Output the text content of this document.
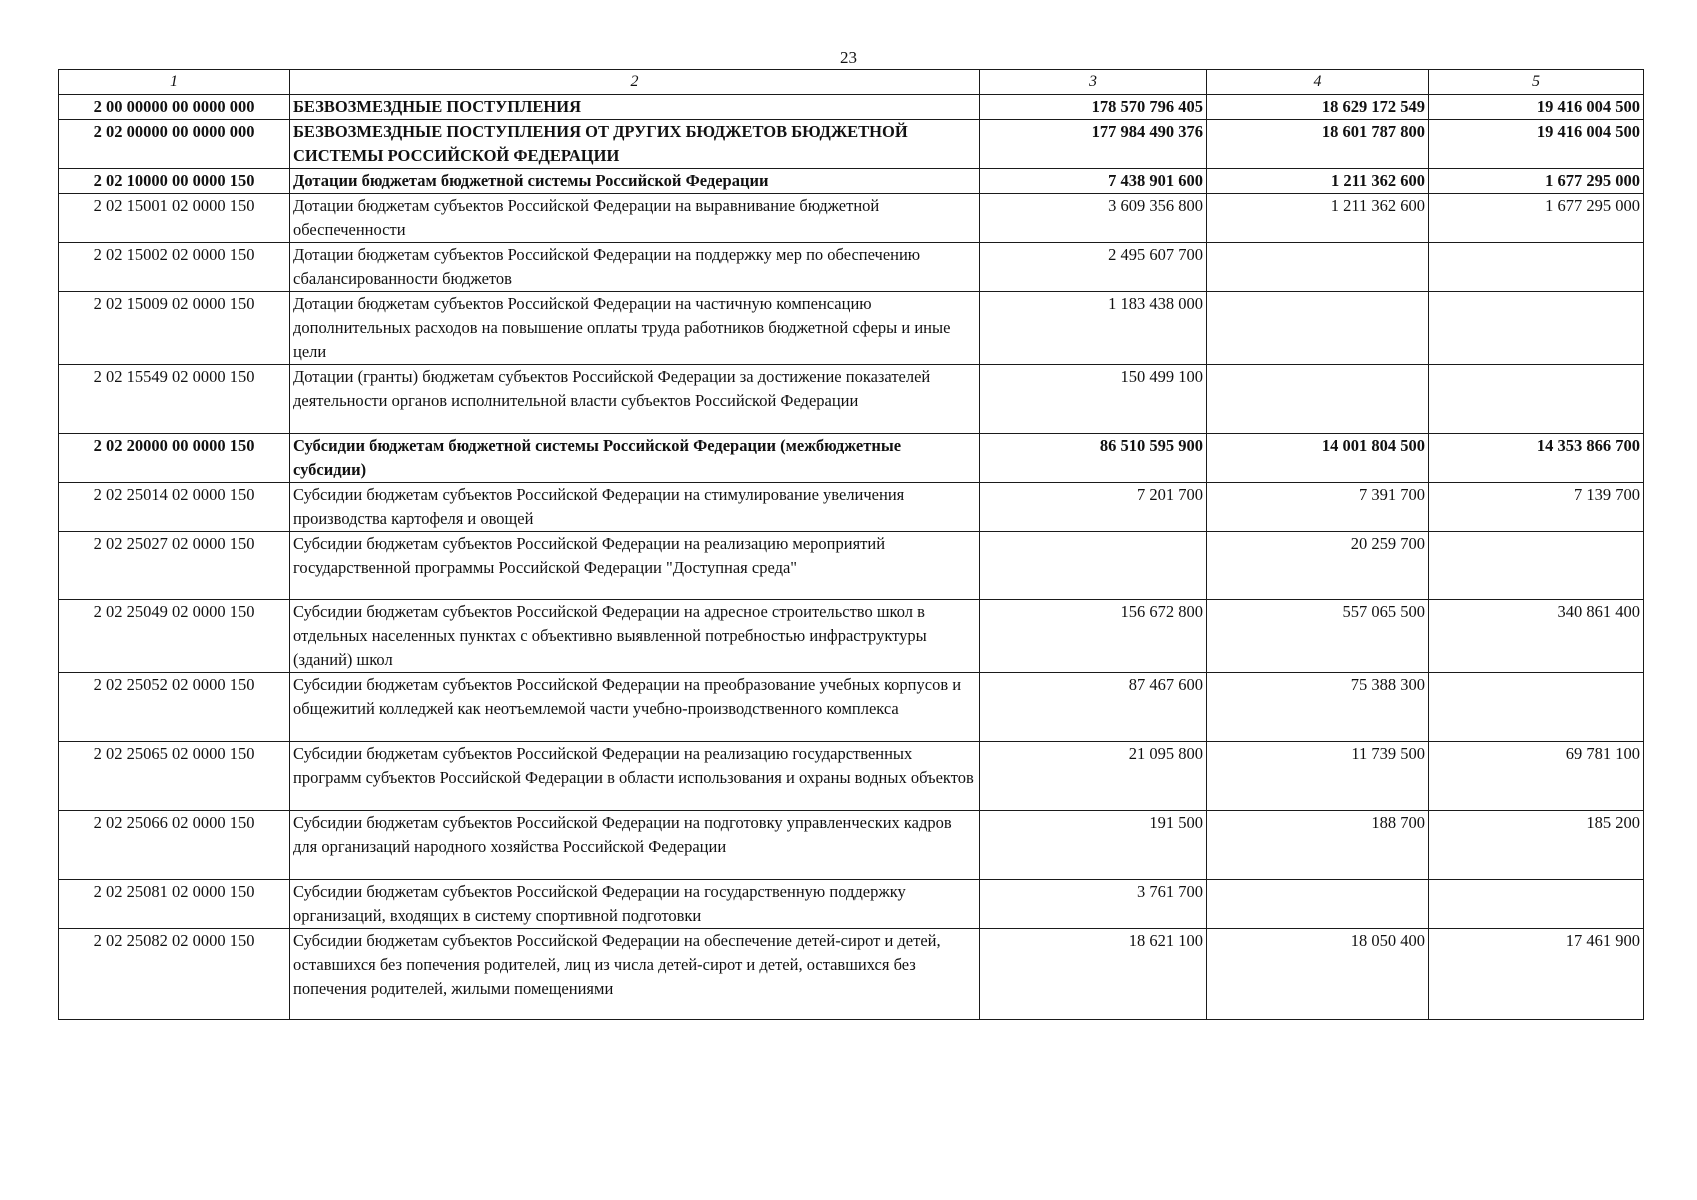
23
1	2	3	4	5
2 00 00000 00 0000 000	БЕЗВОЗМЕЗДНЫЕ ПОСТУПЛЕНИЯ	178 570 796 405	18 629 172 549	19 416 004 500
2 02 00000 00 0000 000	БЕЗВОЗМЕЗДНЫЕ ПОСТУПЛЕНИЯ ОТ ДРУГИХ БЮДЖЕТОВ БЮДЖЕТНОЙ СИСТЕМЫ РОССИЙСКОЙ ФЕДЕРАЦИИ	177 984 490 376	18 601 787 800	19 416 004 500
2 02 10000 00 0000 150	Дотации бюджетам бюджетной системы Российской Федерации	7 438 901 600	1 211 362 600	1 677 295 000
2 02 15001 02 0000 150	Дотации бюджетам субъектов Российской Федерации на выравнивание бюджетной обеспеченности	3 609 356 800	1 211 362 600	1 677 295 000
2 02 15002 02 0000 150	Дотации бюджетам субъектов Российской Федерации на поддержку мер по обеспечению сбалансированности бюджетов	2 495 607 700		
2 02 15009 02 0000 150	Дотации бюджетам субъектов Российской Федерации на частичную компенсацию дополнительных расходов на повышение оплаты труда работников бюджетной сферы и иные цели	1 183 438 000		
2 02 15549 02 0000 150	Дотации (гранты) бюджетам субъектов Российской Федерации за достижение показателей деятельности органов исполнительной власти субъектов Российской Федерации	150 499 100		
2 02 20000 00 0000 150	Субсидии бюджетам бюджетной системы Российской Федерации (межбюджетные субсидии)	86 510 595 900	14 001 804 500	14 353 866 700
2 02 25014 02 0000 150	Субсидии бюджетам субъектов Российской Федерации на стимулирование увеличения производства картофеля и овощей	7 201 700	7 391 700	7 139 700
2 02 25027 02 0000 150	Субсидии бюджетам субъектов Российской Федерации на реализацию мероприятий государственной программы Российской Федерации "Доступная среда"		20 259 700	
2 02 25049 02 0000 150	Субсидии бюджетам субъектов Российской Федерации на адресное строительство школ в отдельных населенных пунктах с объективно выявленной потребностью инфраструктуры (зданий) школ	156 672 800	557 065 500	340 861 400
2 02 25052 02 0000 150	Субсидии бюджетам субъектов Российской Федерации на преобразование учебных корпусов и общежитий колледжей как неотъемлемой части учебно-производственного комплекса	87 467 600	75 388 300	
2 02 25065 02 0000 150	Субсидии бюджетам субъектов Российской Федерации на реализацию государственных программ субъектов Российской Федерации в области использования и охраны водных объектов	21 095 800	11 739 500	69 781 100
2 02 25066 02 0000 150	Субсидии бюджетам субъектов Российской Федерации на подготовку управленческих кадров для организаций народного хозяйства Российской Федерации	191 500	188 700	185 200
2 02 25081 02 0000 150	Субсидии бюджетам субъектов Российской Федерации на государственную поддержку организаций, входящих в систему спортивной подготовки	3 761 700		
2 02 25082 02 0000 150	Субсидии бюджетам субъектов Российской Федерации на обеспечение детей-сирот и детей, оставшихся без попечения родителей, лиц из числа детей-сирот и детей, оставшихся без попечения родителей, жилыми помещениями	18 621 100	18 050 400	17 461 900
